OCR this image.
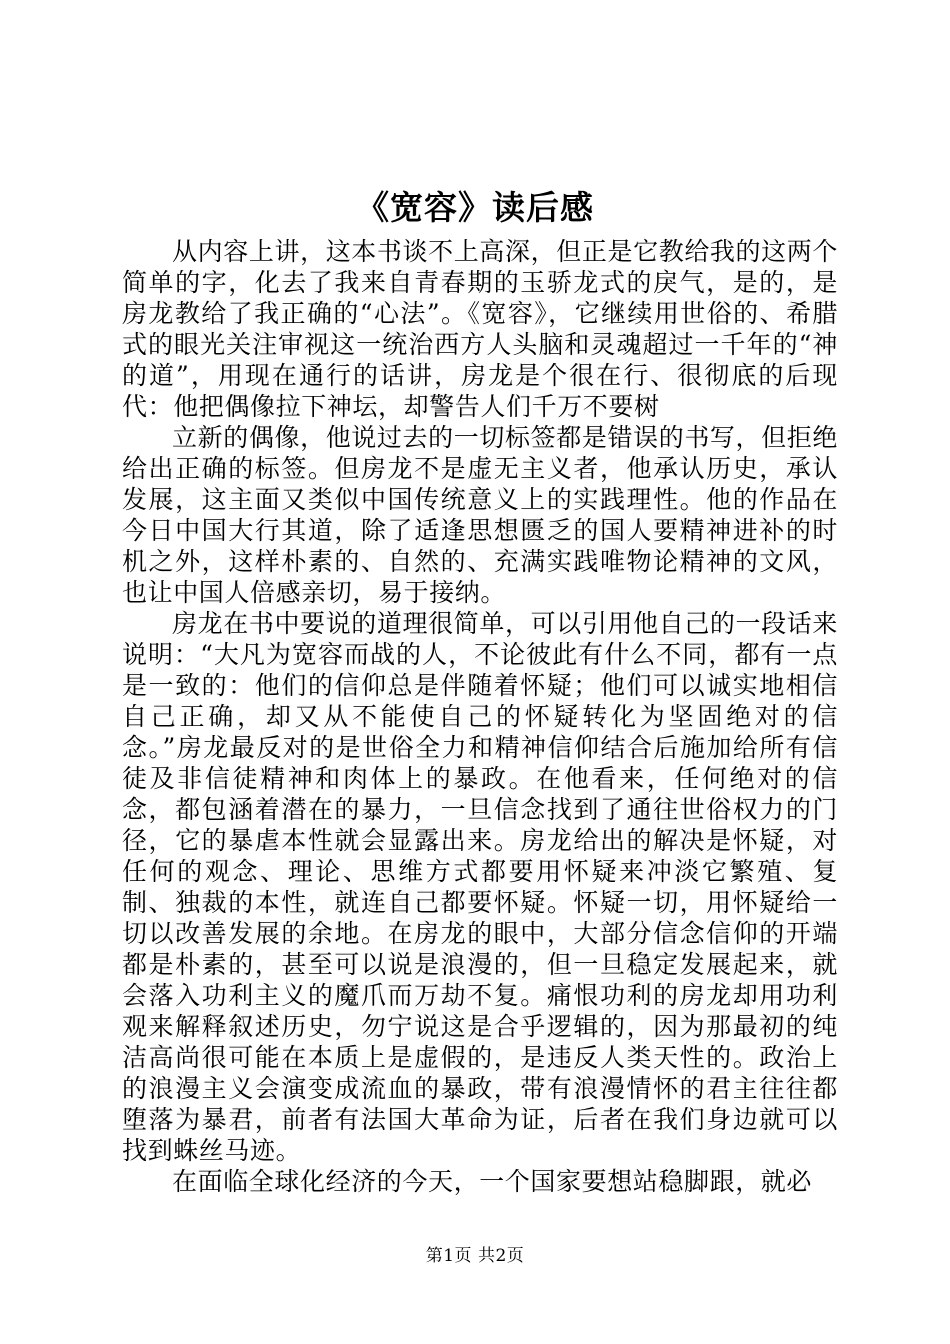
《宽容》读后感

从内容上讲，这本书谈不上高深，但正是它教给我的这两个简单的字，化去了我来自青春期的玉骄龙式的戾气，是的，是房龙教给了我正确的“心法”。《宽容》，它继续用世俗的、希腊式的眼光关注审视这一统治西方人头脑和灵魂超过一千年的“神的道”，用现在通行的话讲，房龙是个很在行、很彻底的后现代：他把偶像拉下神坛，却警告人们千万不要树

立新的偶像，他说过去的一切标签都是错误的书写，但拒绝给出正确的标签。但房龙不是虚无主义者，他承认历史，承认发展，这主面又类似中国传统意义上的实践理性。他的作品在今日中国大行其道，除了适逢思想匮乏的国人要精神进补的时机之外，这样朴素的、自然的、充满实践唯物论精神的文风，也让中国人倍感亲切，易于接纳。

房龙在书中要说的道理很简单，可以引用他自己的一段话来说明：“大凡为宽容而战的人，不论彼此有什么不同，都有一点是一致的：他们的信仰总是伴随着怀疑；他们可以诚实地相信自己正确，却又从不能使自己的怀疑转化为坚固绝对的信念。”房龙最反对的是世俗全力和精神信仰结合后施加给所有信徒及非信徒精神和肉体上的暴政。在他看来，任何绝对的信念，都包涵着潜在的暴力，一旦信念找到了通往世俗权力的门径，它的暴虐本性就会显露出来。房龙给出的解决是怀疑，对任何的观念、理论、思维方式都要用怀疑来冲淡它繁殖、复制、独裁的本性，就连自己都要怀疑。怀疑一切，用怀疑给一切以改善发展的余地。在房龙的眼中，大部分信念信仰的开端都是朴素的，甚至可以说是浪漫的，但一旦稳定发展起来，就会落入功利主义的魔爪而万劫不复。痛恨功利的房龙却用功利观来解释叙述历史，勿宁说这是合乎逻辑的，因为那最初的纯洁高尚很可能在本质上是虚假的，是违反人类天性的。政治上的浪漫主义会演变成流血的暴政，带有浪漫情怀的君主往往都堕落为暴君，前者有法国大革命为证，后者在我们身边就可以找到蛛丝马迹。

在面临全球化经济的今天，一个国家要想站稳脚跟，就必

第1页 共2页
